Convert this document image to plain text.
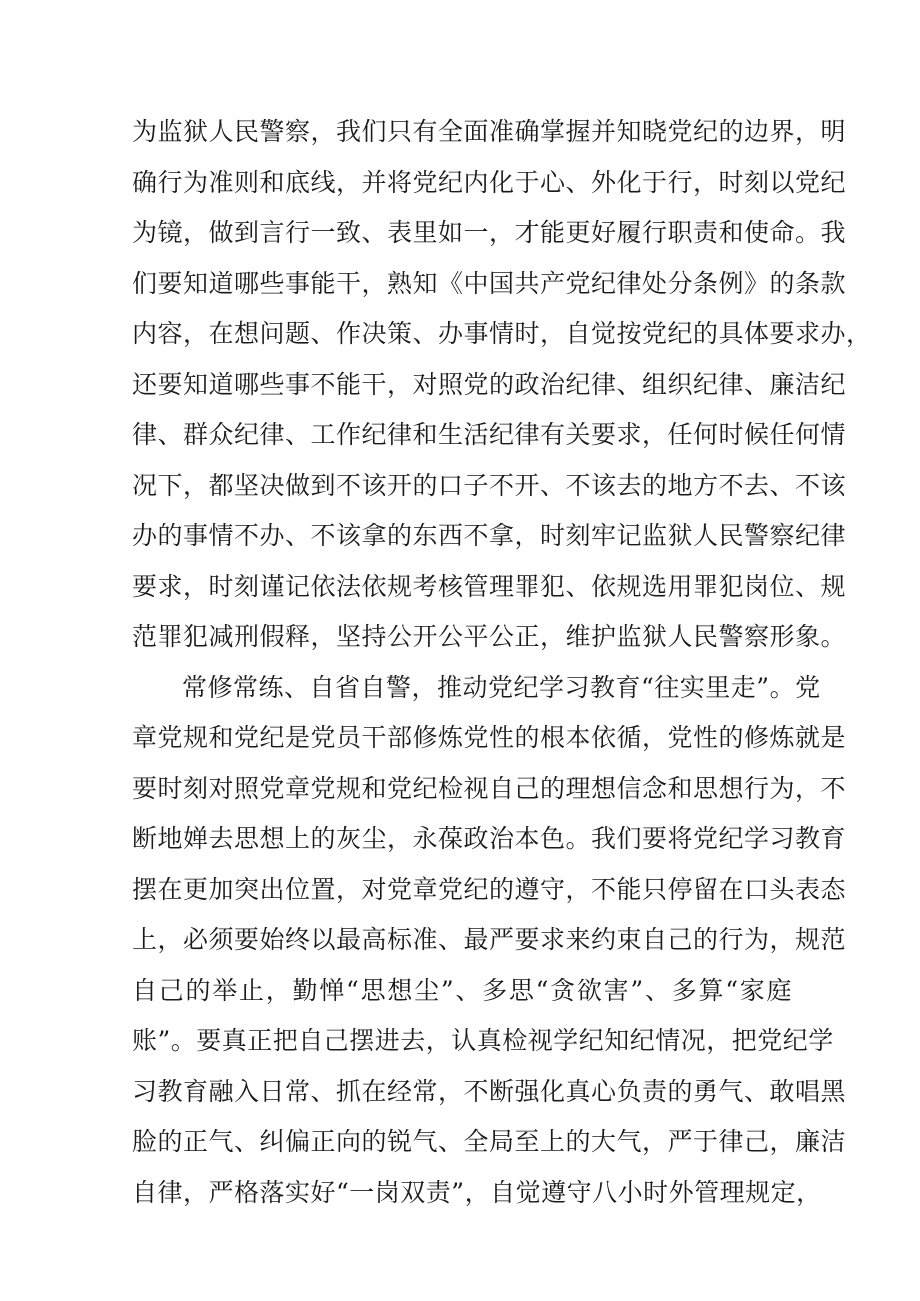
为监狱人民警察，我们只有全面准确掌握并知晓党纪的边界，明
确行为准则和底线，并将党纪内化于心、外化于行，时刻以党纪
为镜，做到言行一致、表里如一，才能更好履行职责和使命。我
们要知道哪些事能干，熟知《中国共产党纪律处分条例》的条款
内容，在想问题、作决策、办事情时，自觉按党纪的具体要求办，
还要知道哪些事不能干，对照党的政治纪律、组织纪律、廉洁纪
律、群众纪律、工作纪律和生活纪律有关要求，任何时候任何情
况下，都坚决做到不该开的口子不开、不该去的地方不去、不该
办的事情不办、不该拿的东西不拿，时刻牢记监狱人民警察纪律
要求，时刻谨记依法依规考核管理罪犯、依规选用罪犯岗位、规
范罪犯减刑假释，坚持公开公平公正，维护监狱人民警察形象。
常修常练、自省自警，推动党纪学习教育“往实里走”。党
章党规和党纪是党员干部修炼党性的根本依循，党性的修炼就是
要时刻对照党章党规和党纪检视自己的理想信念和思想行为，不
断地婵去思想上的灰尘，永葆政治本色。我们要将党纪学习教育
摆在更加突出位置，对党章党纪的遵守，不能只停留在口头表态
上，必须要始终以最高标准、最严要求来约束自己的行为，规范
自己的举止，勤惮“思想尘”、多思“贪欲害”、多算“家庭
账”。要真正把自己摆进去，认真检视学纪知纪情况，把党纪学
习教育融入日常、抓在经常，不断强化真心负责的勇气、敢唱黑
脸的正气、纠偏正向的锐气、全局至上的大气，严于律己，廉洁
自律，严格落实好“一岗双责”，自觉遵守八小时外管理规定，
